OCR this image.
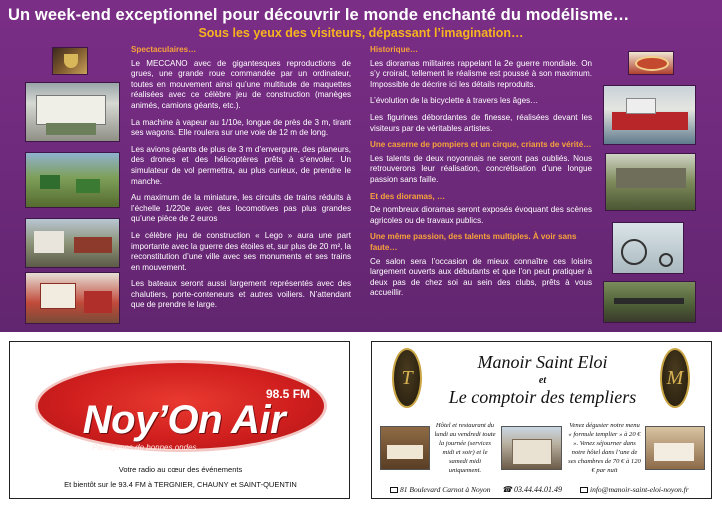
Un week-end exceptionnel pour découvrir le monde enchanté du modélisme…
Sous les yeux des visiteurs, dépassant l’imagination…
Spectaculaires…

Le MECCANO avec de gigantesques reproductions de grues, une grande roue commandée par un ordinateur, toutes en mouvement ainsi qu’une multitude de maquettes réalisées avec ce célèbre jeu de construction (manèges animés, camions géants, etc.).

La machine à vapeur au 1/10e, longue de près de 3 m, tirant ses wagons. Elle roulera sur une voie de 12 m de long.

Les avions géants de plus de 3 m d’envergure, des planeurs, des drones et des hélicoptères prêts à s’envoler. Un simulateur de vol permettra, au plus curieux, de prendre le manche.

Au maximum de la miniature, les circuits de trains réduits à l’échelle 1/220e avec des locomotives pas plus grandes qu’une pièce de 2 euros

Le célèbre jeu de construction « Lego » aura une part importante avec la guerre des étoiles et, sur plus de 20 m², la reconstitution d’une ville avec ses monuments et ses trains en mouvement.

Les bateaux seront aussi largement représentés avec des chalutiers, porte-conteneurs et autres voiliers. N’attendant que de prendre le large.

Historique…

Les dioramas militaires rappelant la 2e guerre mondiale. On s’y croirait, tellement le réalisme est poussé à son maximum. Impossible de décrire ici les détails reproduits.

L’évolution de la bicyclette à travers les âges…

Les figurines débordantes de finesse, réalisées devant les visiteurs par de véritables artistes.

Une caserne de pompiers et un cirque, criants de vérité…

Les talents de deux noyonnais ne seront pas oubliés. Nous retrouverons leur réalisation, concrétisation d’une longue passion sans faille.

Et des dioramas, …

De nombreux dioramas seront exposés évoquant des scènes agricoles ou de travaux publics.

Une même passion, des talents multiples. À voir sans faute…

Ce salon sera l’occasion de mieux connaître ces loisirs largement ouverts aux débutants et que l’on peut pratiquer à deux pas de chez soi au sein des clubs, prêts à vous accueillir.

98.5 FM
Noy’On Air
Partageons de bonnes ondes
Votre radio au cœur des événements
Et bientôt sur le 93.4 FM à TERGNIER, CHAUNY et SAINT-QUENTIN
T	M
Manoir Saint Eloi
et
Le comptoir des templiers
Hôtel et restaurant du lundi au vendredi toute la journée (services midi et soir) et le samedi midi uniquement.
Venez déguster notre menu « formule templier » à 20 € ». Venez séjourner dans notre hôtel dans l’une de ses chambres de 70 € à 120 € par nuit
81 Boulevard Carnot à Noyon ☎ 03.44.44.01.49	info@manoir-saint-eloi-noyon.fr
